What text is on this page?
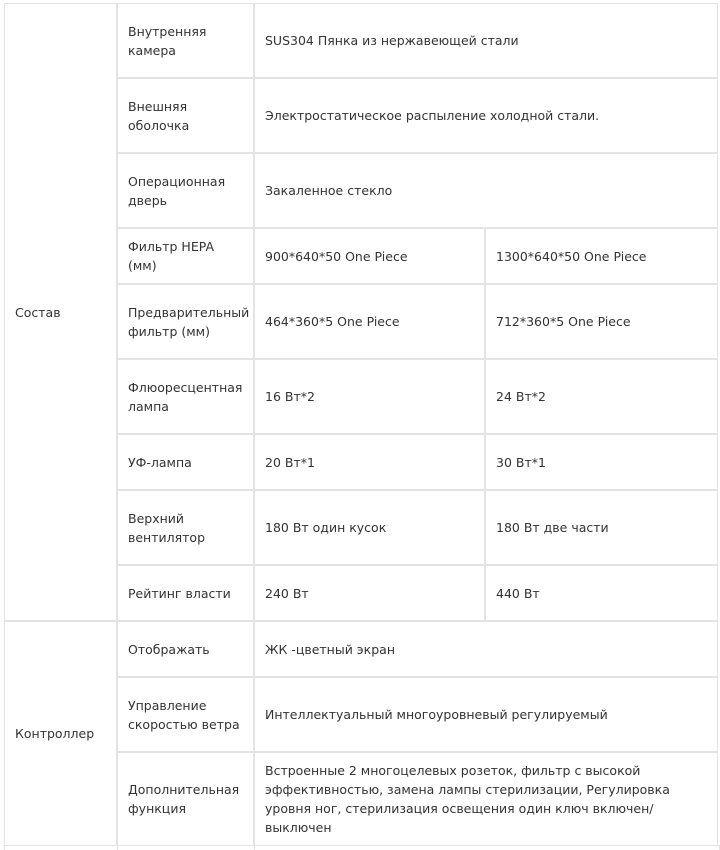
Состав	Внутренняя камера	SUS304 Пянка из нержавеющей стали	
	Внешняя оболочка	Электростатическое распыление холодной стали.	
	Операционная дверь	Закаленное стекло	
	Фильтр HEPA (мм)	900*640*50 One Piece	1300*640*50 One Piece
	Предварительный фильтр (мм)	464*360*5 One Piece	712*360*5 One Piece
	Флюоресцентная лампа	16 Вт*2	24 Вт*2
	УФ-лампа	20 Вт*1	30 Вт*1
	Верхний вентилятор	180 Вт один кусок	180 Вт две части
	Рейтинг власти	240 Вт	440 Вт
Контроллер	Отображать	ЖК -цветный экран	
	Управление скоростью ветра	Интеллектуальный многоуровневый регулируемый	
	Дополнительная функция	Встроенные 2 многоцелевых розеток, фильтр с высокой эффективностью, замена лампы стерилизации, Регулировка уровня ног, стерилизация освещения один ключ включен/ выключен	
